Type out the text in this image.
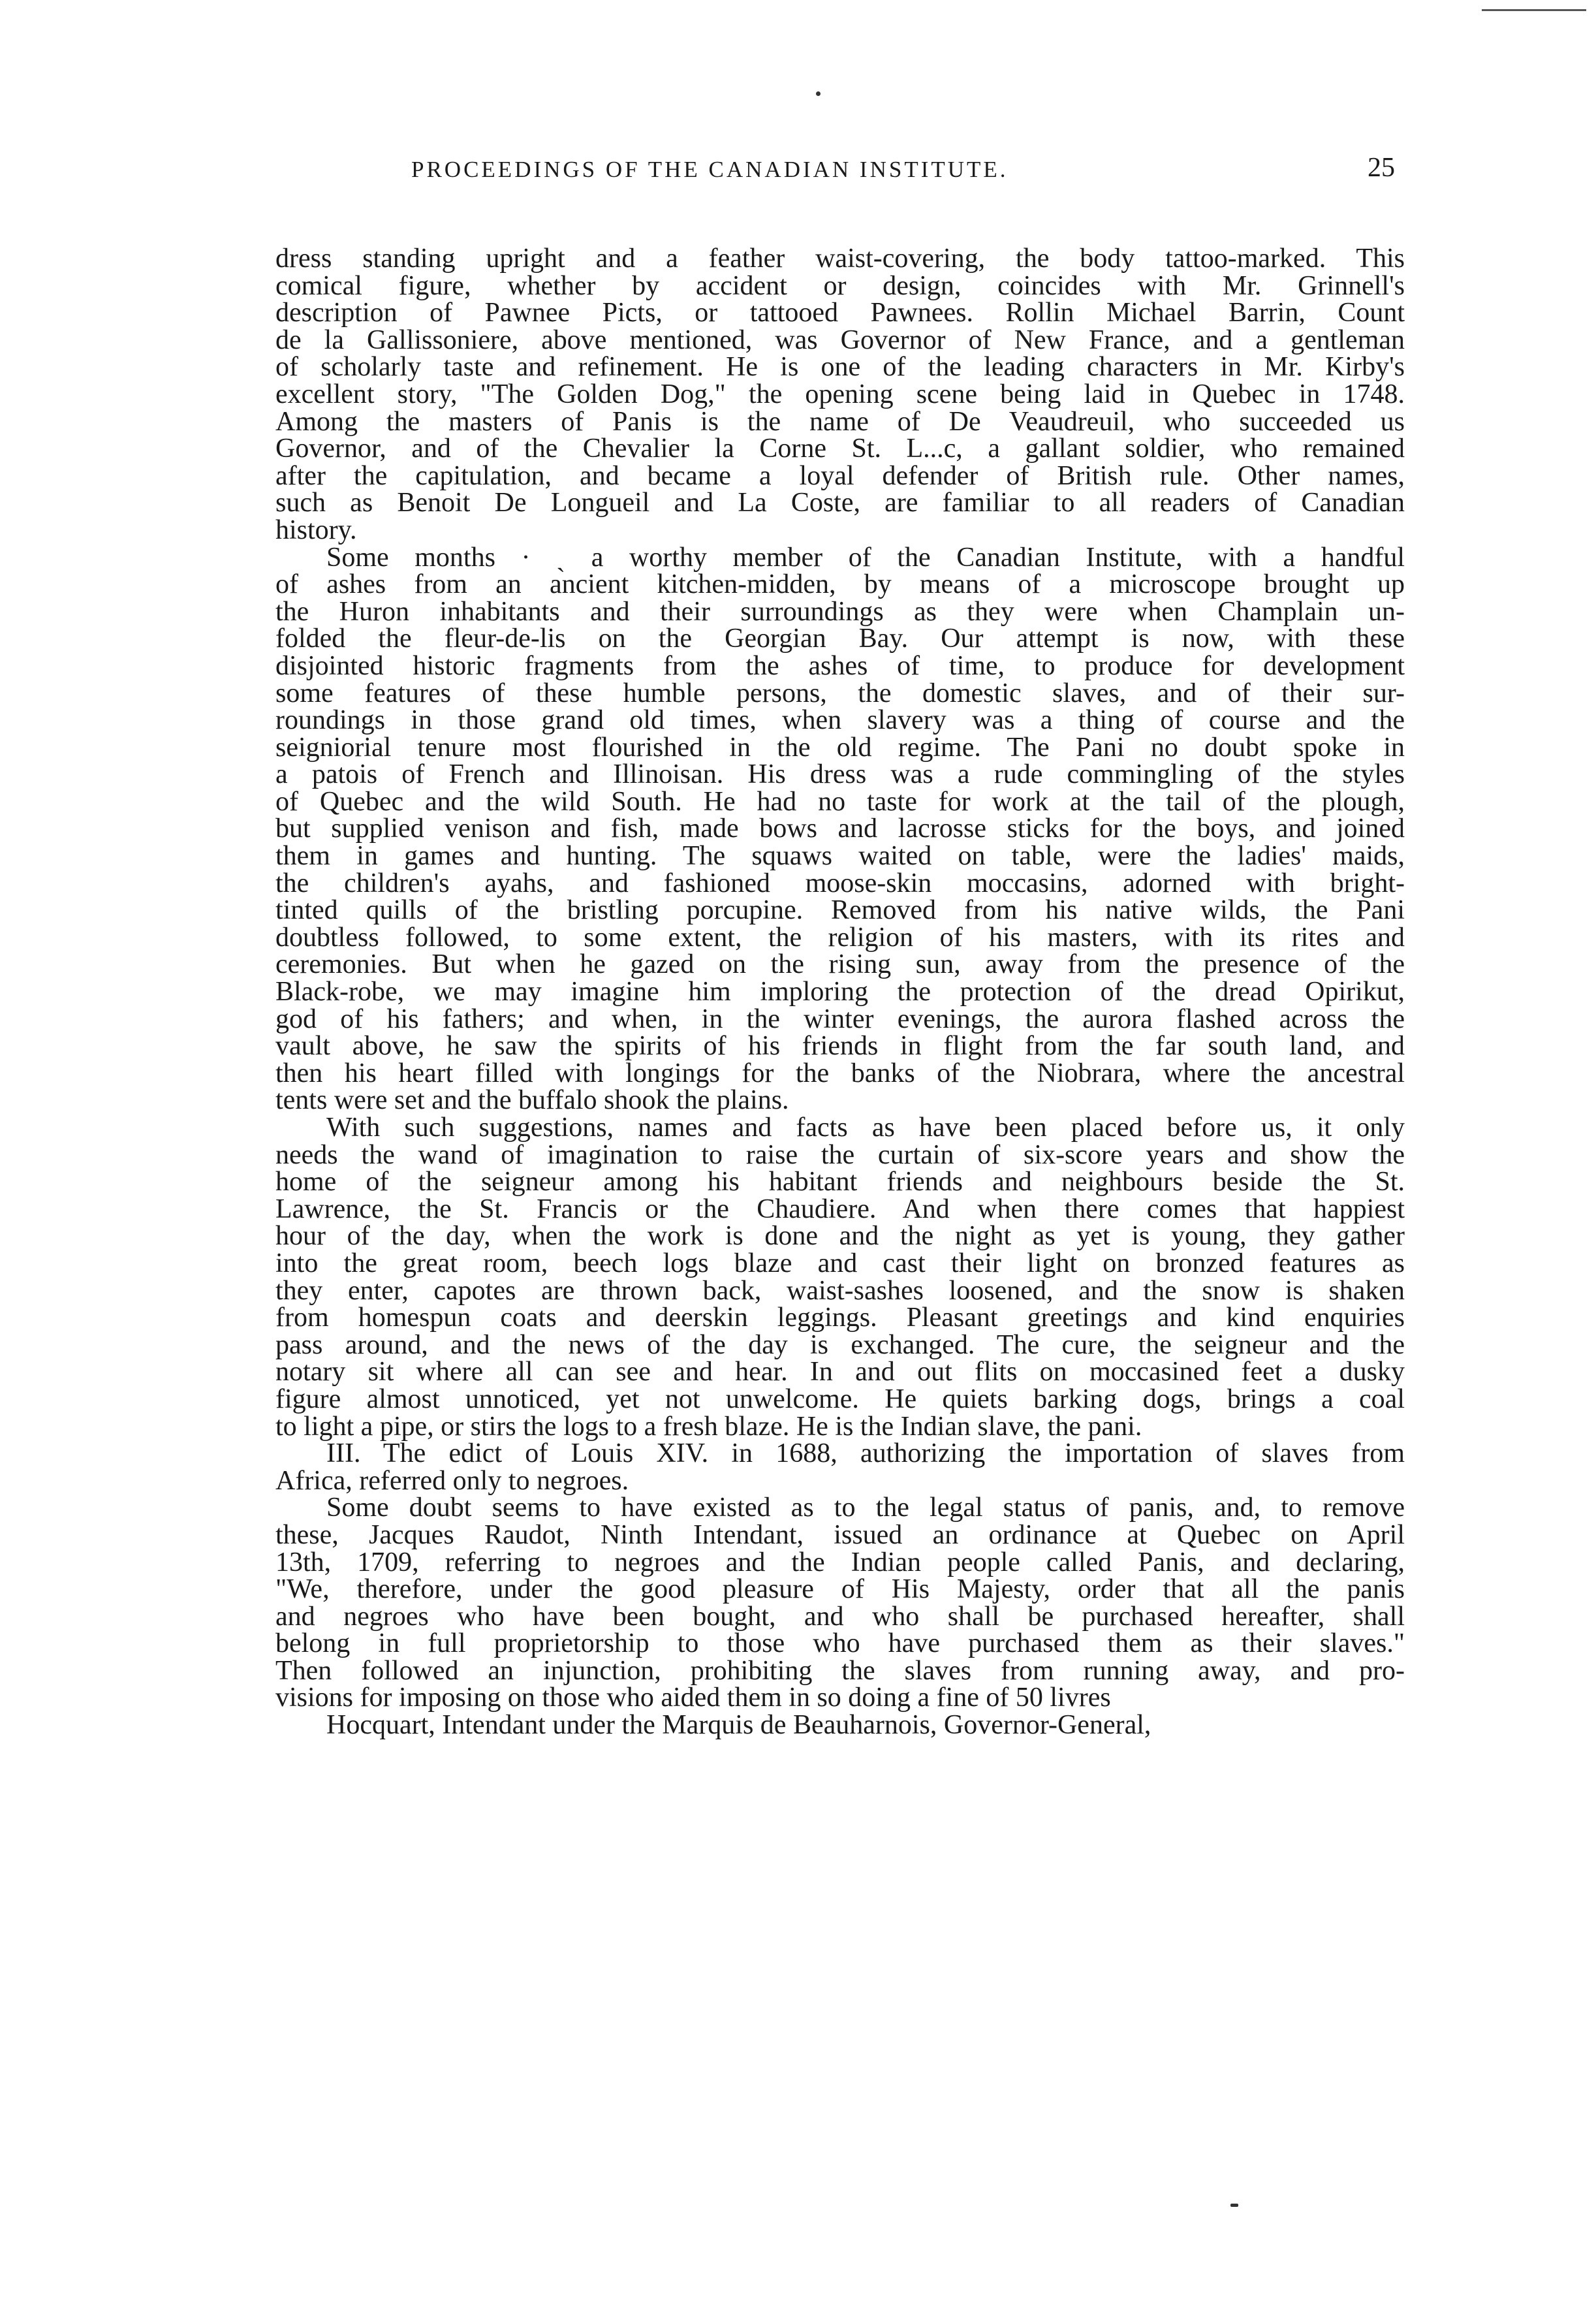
PROCEEDINGS OF THE CANADIAN INSTITUTE.	25

dress standing upright and a feather waist-covering, the body tattoo-marked. This
comical figure, whether by accident or design, coincides with Mr. Grinnell's
description of Pawnee Picts, or tattooed Pawnees. Rollin Michael Barrin, Count
de la Gallissoniere, above mentioned, was Governor of New France, and a gentleman
of scholarly taste and refinement. He is one of the leading characters in Mr. Kirby's
excellent story, "The Golden Dog," the opening scene being laid in Quebec in 1748.
Among the masters of Panis is the name of De Veaudreuil, who succeeded us
Governor, and of the Chevalier la Corne St. L...c, a gallant soldier, who remained
after the capitulation, and became a loyal defender of British rule. Other names,
such as Benoit De Longueil and La Coste, are familiar to all readers of Canadian
history.

Some months · ˏ a worthy member of the Canadian Institute, with a handful
of ashes from an ancient kitchen-midden, by means of a microscope brought up
the Huron inhabitants and their surroundings as they were when Champlain un-
folded the fleur-de-lis on the Georgian Bay. Our attempt is now, with these
disjointed historic fragments from the ashes of time, to produce for development
some features of these humble persons, the domestic slaves, and of their sur-
roundings in those grand old times, when slavery was a thing of course and the
seigniorial tenure most flourished in the old regime. The Pani no doubt spoke in
a patois of French and Illinoisan. His dress was a rude commingling of the styles
of Quebec and the wild South. He had no taste for work at the tail of the plough,
but supplied venison and fish, made bows and lacrosse sticks for the boys, and joined
them in games and hunting. The squaws waited on table, were the ladies' maids,
the children's ayahs, and fashioned moose-skin moccasins, adorned with bright-
tinted quills of the bristling porcupine. Removed from his native wilds, the Pani
doubtless followed, to some extent, the religion of his masters, with its rites and
ceremonies. But when he gazed on the rising sun, away from the presence of the
Black-robe, we may imagine him imploring the protection of the dread Opirikut,
god of his fathers; and when, in the winter evenings, the aurora flashed across the
vault above, he saw the spirits of his friends in flight from the far south land, and
then his heart filled with longings for the banks of the Niobrara, where the ancestral
tents were set and the buffalo shook the plains.

With such suggestions, names and facts as have been placed before us, it only
needs the wand of imagination to raise the curtain of six-score years and show the
home of the seigneur among his habitant friends and neighbours beside the St.
Lawrence, the St. Francis or the Chaudiere. And when there comes that happiest
hour of the day, when the work is done and the night as yet is young, they gather
into the great room, beech logs blaze and cast their light on bronzed features as
they enter, capotes are thrown back, waist-sashes loosened, and the snow is shaken
from homespun coats and deerskin leggings. Pleasant greetings and kind enquiries
pass around, and the news of the day is exchanged. The cure, the seigneur and the
notary sit where all can see and hear. In and out flits on moccasined feet a dusky
figure almost unnoticed, yet not unwelcome. He quiets barking dogs, brings a coal
to light a pipe, or stirs the logs to a fresh blaze. He is the Indian slave, the pani.

III. The edict of Louis XIV. in 1688, authorizing the importation of slaves from
Africa, referred only to negroes.

Some doubt seems to have existed as to the legal status of panis, and, to remove
these, Jacques Raudot, Ninth Intendant, issued an ordinance at Quebec on April
13th, 1709, referring to negroes and the Indian people called Panis, and declaring,
"We, therefore, under the good pleasure of His Majesty, order that all the panis
and negroes who have been bought, and who shall be purchased hereafter, shall
belong in full proprietorship to those who have purchased them as their slaves."
Then followed an injunction, prohibiting the slaves from running away, and pro-
visions for imposing on those who aided them in so doing a fine of 50 livres

Hocquart, Intendant under the Marquis de Beauharnois, Governor-General,
